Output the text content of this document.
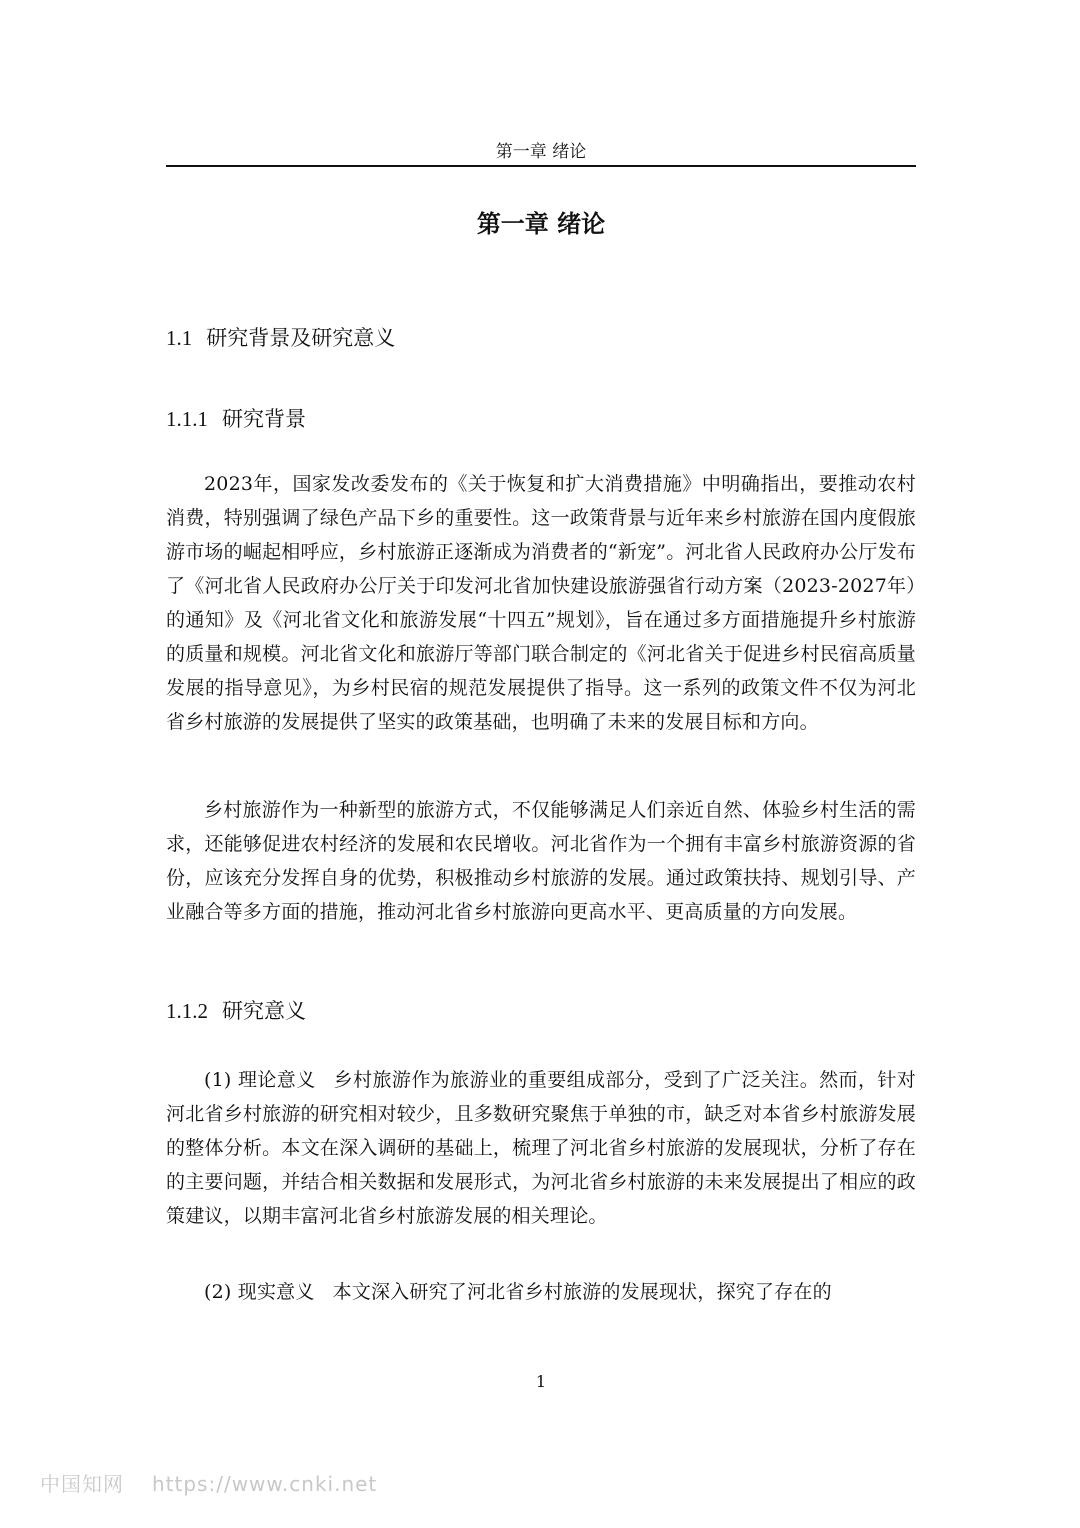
第一章 绪论
第一章 绪论
1.1 研究背景及研究意义
1.1.1 研究背景

2023年，国家发改委发布的《关于恢复和扩大消费措施》中明确指出，要推动农村消费，特别强调了绿色产品下乡的重要性。这一政策背景与近年来乡村旅游在国内度假旅游市场的崛起相呼应，乡村旅游正逐渐成为消费者的“新宠”。河北省人民政府办公厅发布了《河北省人民政府办公厅关于印发河北省加快建设旅游强省行动方案（2023-2027年）的通知》及《河北省文化和旅游发展“十四五”规划》，旨在通过多方面措施提升乡村旅游的质量和规模。河北省文化和旅游厅等部门联合制定的《河北省关于促进乡村民宿高质量发展的指导意见》，为乡村民宿的规范发展提供了指导。这一系列的政策文件不仅为河北省乡村旅游的发展提供了坚实的政策基础，也明确了未来的发展目标和方向。

乡村旅游作为一种新型的旅游方式，不仅能够满足人们亲近自然、体验乡村生活的需求，还能够促进农村经济的发展和农民增收。河北省作为一个拥有丰富乡村旅游资源的省份，应该充分发挥自身的优势，积极推动乡村旅游的发展。通过政策扶持、规划引导、产业融合等多方面的措施，推动河北省乡村旅游向更高水平、更高质量的方向发展。

1.1.2 研究意义

(1) 理论意义 乡村旅游作为旅游业的重要组成部分，受到了广泛关注。然而，针对河北省乡村旅游的研究相对较少，且多数研究聚焦于单独的市，缺乏对本省乡村旅游发展的整体分析。本文在深入调研的基础上，梳理了河北省乡村旅游的发展现状，分析了存在的主要问题，并结合相关数据和发展形式，为河北省乡村旅游的未来发展提出了相应的政策建议，以期丰富河北省乡村旅游发展的相关理论。

(2) 现实意义 本文深入研究了河北省乡村旅游的发展现状，探究了存在的

1
中国知网 https://www.cnki.net
